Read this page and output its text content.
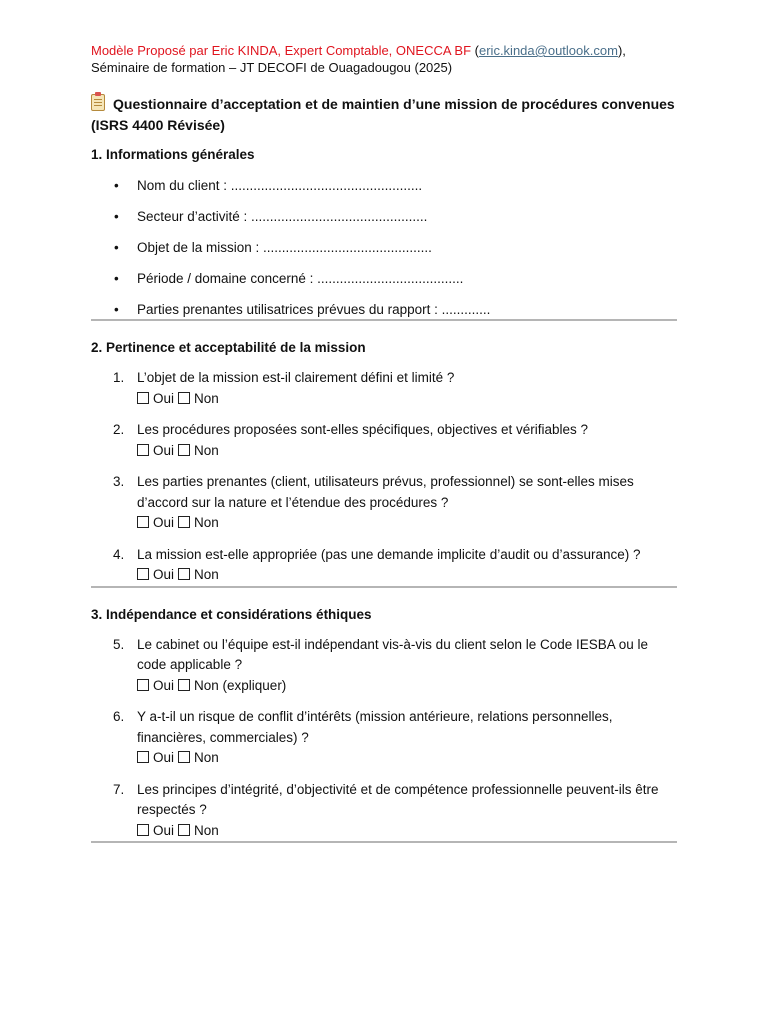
Modèle Proposé par Eric KINDA, Expert Comptable, ONECCA BF (eric.kinda@outlook.com),
Séminaire de formation – JT DECOFI de Ouagadougou (2025)
Questionnaire d’acceptation et de maintien d’une mission de procédures convenues (ISRS 4400 Révisée)
1. Informations générales
• Nom du client : ...................................................
• Secteur d’activité : ...............................................
• Objet de la mission : .............................................
• Période / domaine concerné : .......................................
• Parties prenantes utilisatrices prévues du rapport : .............
2. Pertinence et acceptabilité de la mission
1. L’objet de la mission est-il clairement défini et limité ?
Oui Non
2. Les procédures proposées sont-elles spécifiques, objectives et vérifiables ?
Oui Non
3. Les parties prenantes (client, utilisateurs prévus, professionnel) se sont-elles mises d’accord sur la nature et l’étendue des procédures ?
Oui Non
4. La mission est-elle appropriée (pas une demande implicite d’audit ou d’assurance) ?
Oui Non
3. Indépendance et considérations éthiques
5. Le cabinet ou l’équipe est-il indépendant vis-à-vis du client selon le Code IESBA ou le code applicable ?
Oui Non (expliquer)
6. Y a-t-il un risque de conflit d’intérêts (mission antérieure, relations personnelles, financières, commerciales) ?
Oui Non
7. Les principes d’intégrité, d’objectivité et de compétence professionnelle peuvent-ils être respectés ?
Oui Non
